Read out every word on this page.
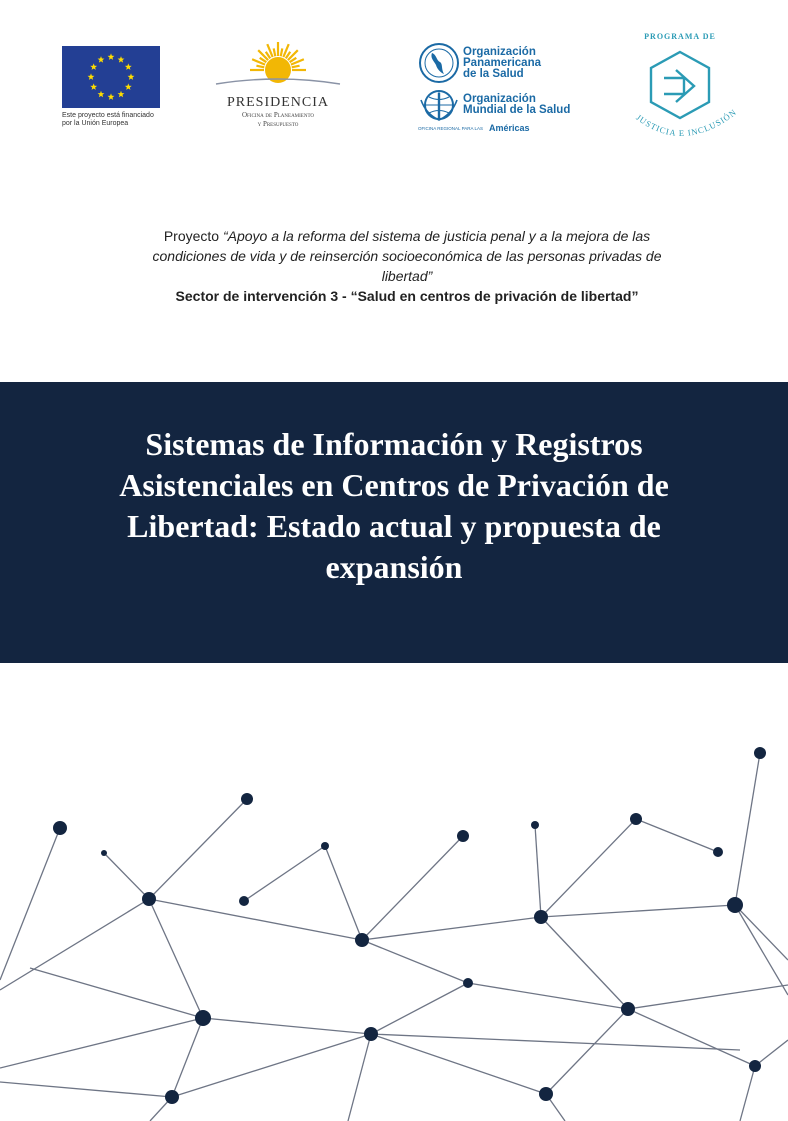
Este proyecto está financiado
por la Unión Europea
PRESIDENCIA
Oficina de Planeamiento
y Presupuesto
Organización
Panamericana
de la Salud
Organización
Mundial de la Salud
OFICINA REGIONAL PARA LAS Américas
PROGRAMA DE
JUSTICIA E INCLUSIÓN
Proyecto “Apoyo a la reforma del sistema de justicia penal y a la mejora de las
condiciones de vida y de reinserción socioeconómica de las personas privadas de
libertad”
Sector de intervención 3 - “Salud en centros de privación de libertad”
Sistemas de Información y Registros
Asistenciales en Centros de Privación de
Libertad: Estado actual y propuesta de
expansión
